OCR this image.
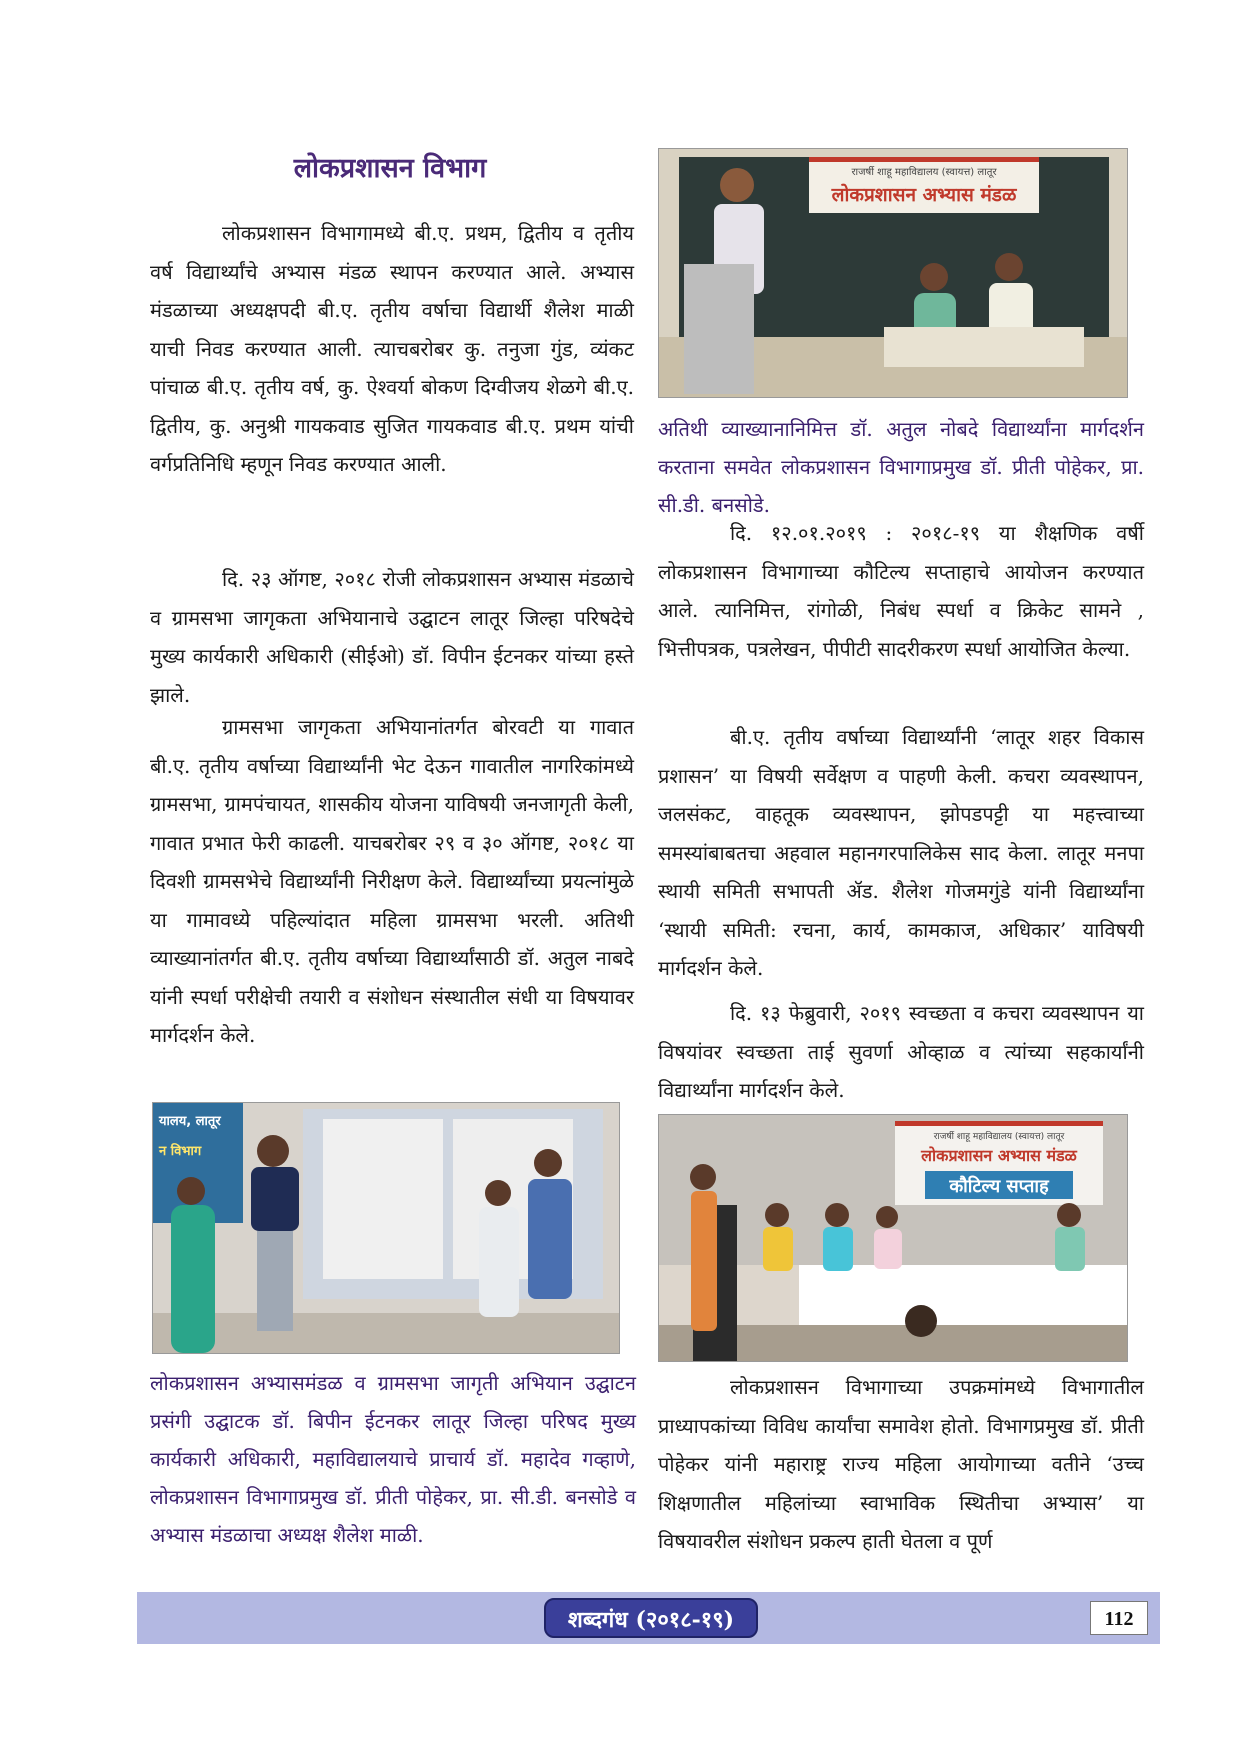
लोकप्रशासन विभाग

लोकप्रशासन विभागामध्ये बी.ए. प्रथम, द्वितीय व तृतीय वर्ष विद्यार्थ्यांचे अभ्यास मंडळ स्थापन करण्यात आले. अभ्यास मंडळाच्या अध्यक्षपदी बी.ए. तृतीय वर्षाचा विद्यार्थी शैलेश माळी याची निवड करण्यात आली. त्याचबरोबर कु. तनुजा गुंड, व्यंकट पांचाळ बी.ए. तृतीय वर्ष, कु. ऐश्वर्या बोकण दिग्वीजय शेळगे बी.ए. द्वितीय, कु. अनुश्री गायकवाड सुजित गायकवाड बी.ए. प्रथम यांची वर्गप्रतिनिधि म्हणून निवड करण्यात आली.

दि. २३ ऑगष्ट, २०१८ रोजी लोकप्रशासन अभ्यास मंडळाचे व ग्रामसभा जागृकता अभियानाचे उद्घाटन लातूर जिल्हा परिषदेचे मुख्य कार्यकारी अधिकारी (सीईओ) डॉ. विपीन ईटनकर यांच्या हस्ते झाले.

ग्रामसभा जागृकता अभियानांतर्गत बोरवटी या गावात बी.ए. तृतीय वर्षाच्या विद्यार्थ्यांनी भेट देऊन गावातील नागरिकांमध्ये ग्रामसभा, ग्रामपंचायत, शासकीय योजना याविषयी जनजागृती केली, गावात प्रभात फेरी काढली. याचबरोबर २९ व ३० ऑगष्ट, २०१८ या दिवशी ग्रामसभेचे विद्यार्थ्यांनी निरीक्षण केले. विद्यार्थ्यांच्या प्रयत्नांमुळे या गामावध्ये पहिल्यांदात महिला ग्रामसभा भरली. अतिथी व्याख्यानांतर्गत बी.ए. तृतीय वर्षाच्या विद्यार्थ्यांसाठी डॉ. अतुल नाबदे यांनी स्पर्धा परीक्षेची तयारी व संशोधन संस्थातील संधी या विषयावर मार्गदर्शन केले.

राजर्षी शाहू महाविद्यालय (स्वायत्त) लातूर
लोकप्रशासन अभ्यास मंडळ

अतिथी व्याख्यानानिमित्त डॉ. अतुल नोबदे विद्यार्थ्यांना मार्गदर्शन करताना समवेत लोकप्रशासन विभागाप्रमुख डॉ. प्रीती पोहेकर, प्रा. सी.डी. बनसोडे.

दि. १२.०१.२०१९ : २०१८-१९ या शैक्षणिक वर्षी लोकप्रशासन विभागाच्या कौटिल्य सप्ताहाचे आयोजन करण्यात आले. त्यानिमित्त, रांगोळी, निबंध स्पर्धा व क्रिकेट सामने , भित्तीपत्रक, पत्रलेखन, पीपीटी सादरीकरण स्पर्धा आयोजित केल्या.

बी.ए. तृतीय वर्षाच्या विद्यार्थ्यांनी ‘लातूर शहर विकास प्रशासन’ या विषयी सर्वेक्षण व पाहणी केली. कचरा व्यवस्थापन, जलसंकट, वाहतूक व्यवस्थापन, झोपडपट्टी या महत्त्वाच्या समस्यांबाबतचा अहवाल महानगरपालिकेस साद केला. लातूर मनपा स्थायी समिती सभापती ॲड. शैलेश गोजमगुंडे यांनी विद्यार्थ्यांना ‘स्थायी समिती: रचना, कार्य, कामकाज, अधिकार’ याविषयी मार्गदर्शन केले.

दि. १३ फेब्रुवारी, २०१९ स्वच्छता व कचरा व्यवस्थापन या विषयांवर स्वच्छता ताई सुवर्णा ओव्हाळ व त्यांच्या सहकार्यांनी विद्यार्थ्यांना मार्गदर्शन केले.

यालय, लातूर
न विभाग

लोकप्रशासन अभ्यासमंडळ व ग्रामसभा जागृती अभियान उद्घाटन प्रसंगी उद्घाटक डॉ. बिपीन ईटनकर लातूर जिल्हा परिषद मुख्य कार्यकारी अधिकारी, महाविद्यालयाचे प्राचार्य डॉ. महादेव गव्हाणे, लोकप्रशासन विभागाप्रमुख डॉ. प्रीती पोहेकर, प्रा. सी.डी. बनसोडे व अभ्यास मंडळाचा अध्यक्ष शैलेश माळी.

राजर्षी शाहू महाविद्यालय (स्वायत्त) लातूर
लोकप्रशासन अभ्यास मंडळ
कौटिल्य सप्ताह

लोकप्रशासन विभागाच्या उपक्रमांमध्ये विभागातील प्राध्यापकांच्या विविध कार्यांचा समावेश होतो. विभागप्रमुख डॉ. प्रीती पोहेकर यांनी महाराष्ट्र राज्य महिला आयोगाच्या वतीने ‘उच्च शिक्षणातील महिलांच्या स्वाभाविक स्थितीचा अभ्यास’ या विषयावरील संशोधन प्रकल्प हाती घेतला व पूर्ण

शब्दगंध (२०१८-१९)	112
